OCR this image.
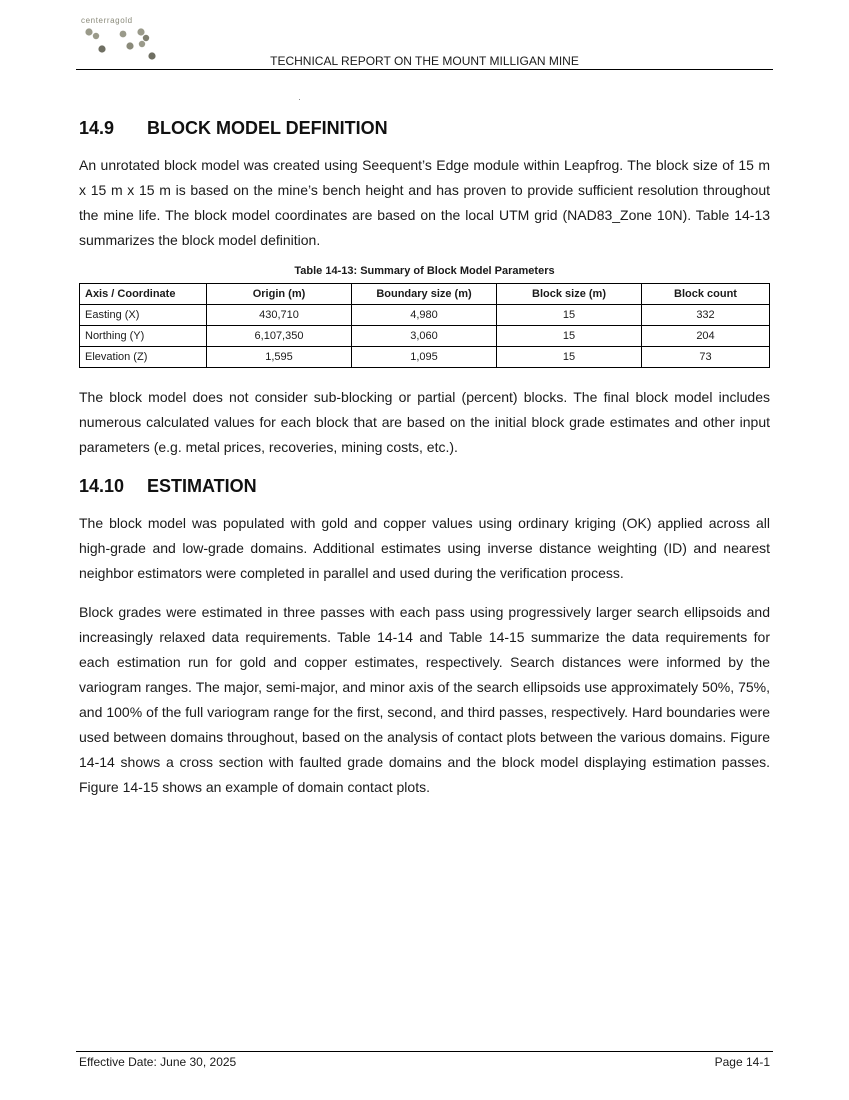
centerragold
TECHNICAL REPORT ON THE MOUNT MILLIGAN MINE
14.9	BLOCK MODEL DEFINITION

An unrotated block model was created using Seequent’s Edge module within Leapfrog. The block size of 15 m x 15 m x 15 m is based on the mine’s bench height and has proven to provide sufficient resolution throughout the mine life. The block model coordinates are based on the local UTM grid (NAD83_Zone 10N). Table 14-13 summarizes the block model definition.

Table 14-13: Summary of Block Model Parameters
Axis / Coordinate	Origin (m)	Boundary size (m)	Block size (m)	Block count
Easting (X)	430,710	4,980	15	332
Northing (Y)	6,107,350	3,060	15	204
Elevation (Z)	1,595	1,095	15	73

The block model does not consider sub-blocking or partial (percent) blocks. The final block model includes numerous calculated values for each block that are based on the initial block grade estimates and other input parameters (e.g. metal prices, recoveries, mining costs, etc.).

14.10	ESTIMATION

The block model was populated with gold and copper values using ordinary kriging (OK) applied across all high-grade and low-grade domains. Additional estimates using inverse distance weighting (ID) and nearest neighbor estimators were completed in parallel and used during the verification process.

Block grades were estimated in three passes with each pass using progressively larger search ellipsoids and increasingly relaxed data requirements. Table 14-14 and Table 14-15 summarize the data requirements for each estimation run for gold and copper estimates, respectively. Search distances were informed by the variogram ranges. The major, semi-major, and minor axis of the search ellipsoids use approximately 50%, 75%, and 100% of the full variogram range for the first, second, and third passes, respectively. Hard boundaries were used between domains throughout, based on the analysis of contact plots between the various domains. Figure 14-14 shows a cross section with faulted grade domains and the block model displaying estimation passes. Figure 14-15 shows an example of domain contact plots.

Effective Date: June 30, 2025	Page 14-1
